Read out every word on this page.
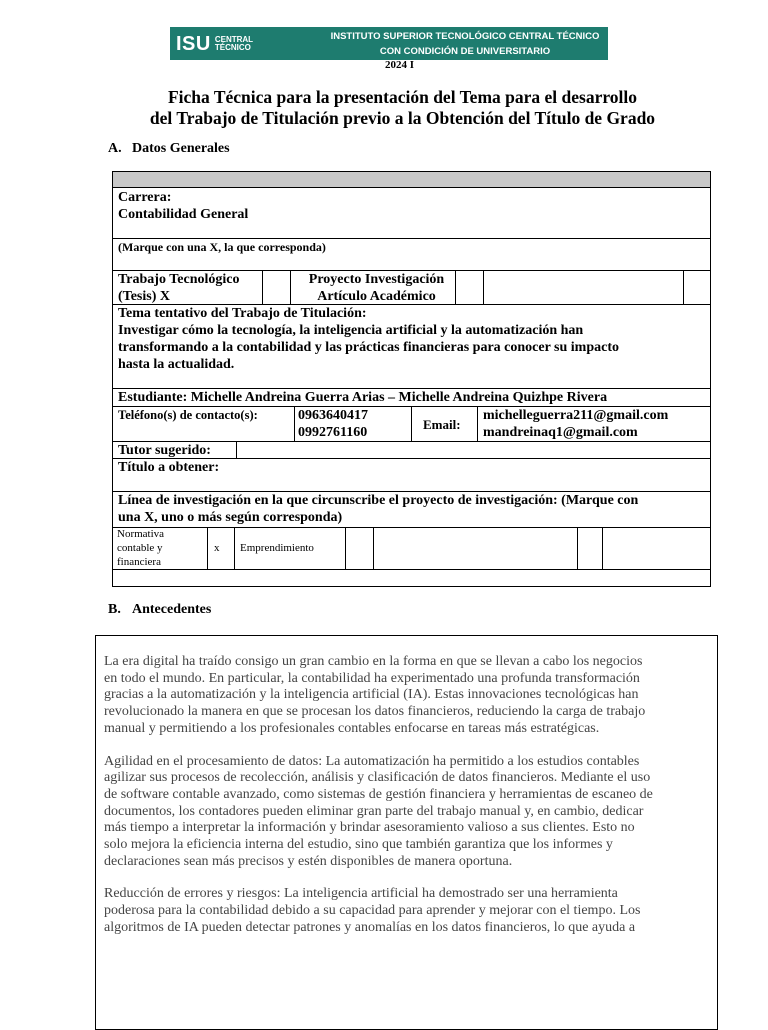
ISU CENTRAL
TÉCNICO
INSTITUTO SUPERIOR TECNOLÓGICO CENTRAL TÉCNICO
CON CONDICIÓN DE UNIVERSITARIO
2024 I
Ficha Técnica para la presentación del Tema para el desarrollo
del Trabajo de Titulación previo a la Obtención del Título de Grado
A. Datos Generales
Carrera:
Contabilidad General
(Marque con una X, la que corresponda)
Trabajo Tecnológico
(Tesis) X
Proyecto Investigación
Artículo Académico
Tema tentativo del Trabajo de Titulación:
Investigar cómo la tecnología, la inteligencia artificial y la automatización han
transformando a la contabilidad y las prácticas financieras para conocer su impacto
hasta la actualidad.
Estudiante: Michelle Andreina Guerra Arias – Michelle Andreina Quizhpe Rivera
Teléfono(s) de contacto(s):	0963640417
0992761160
Email:
michelleguerra211@gmail.com
mandreinaq1@gmail.com
Tutor sugerido:
Título a obtener:
Línea de investigación en la que circunscribe el proyecto de investigación: (Marque con
una X, uno o más según corresponda)
Normativa
contable y
financiera
x Emprendimiento
B. Antecedentes

La era digital ha traído consigo un gran cambio en la forma en que se llevan a cabo los negocios
en todo el mundo. En particular, la contabilidad ha experimentado una profunda transformación
gracias a la automatización y la inteligencia artificial (IA). Estas innovaciones tecnológicas han
revolucionado la manera en que se procesan los datos financieros, reduciendo la carga de trabajo
manual y permitiendo a los profesionales contables enfocarse en tareas más estratégicas.

Agilidad en el procesamiento de datos: La automatización ha permitido a los estudios contables
agilizar sus procesos de recolección, análisis y clasificación de datos financieros. Mediante el uso
de software contable avanzado, como sistemas de gestión financiera y herramientas de escaneo de
documentos, los contadores pueden eliminar gran parte del trabajo manual y, en cambio, dedicar
más tiempo a interpretar la información y brindar asesoramiento valioso a sus clientes. Esto no
solo mejora la eficiencia interna del estudio, sino que también garantiza que los informes y
declaraciones sean más precisos y estén disponibles de manera oportuna.

Reducción de errores y riesgos: La inteligencia artificial ha demostrado ser una herramienta
poderosa para la contabilidad debido a su capacidad para aprender y mejorar con el tiempo. Los
algoritmos de IA pueden detectar patrones y anomalías en los datos financieros, lo que ayuda a
